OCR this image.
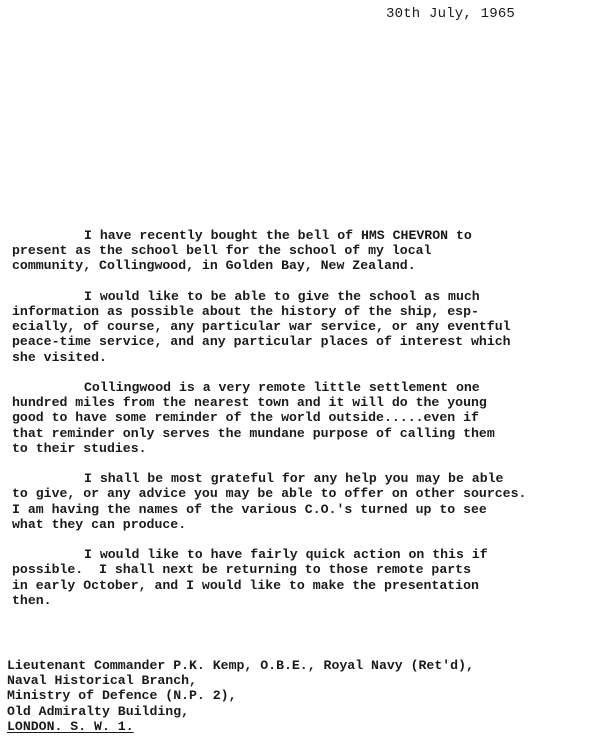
30th July, 1965
I have recently bought the bell of HMS CHEVRON to
present as the school bell for the school of my local
community, Collingwood, in Golden Bay, New Zealand.
I would like to be able to give the school as much
information as possible about the history of the ship, esp-
ecially, of course, any particular war service, or any eventful
peace-time service, and any particular places of interest which
she visited.
Collingwood is a very remote little settlement one
hundred miles from the nearest town and it will do the young
good to have some reminder of the world outside.....even if
that reminder only serves the mundane purpose of calling them
to their studies.
I shall be most grateful for any help you may be able
to give, or any advice you may be able to offer on other sources.
I am having the names of the various C.O.'s turned up to see
what they can produce.
I would like to have fairly quick action on this if
possible.  I shall next be returning to those remote parts
in early October, and I would like to make the presentation
then.
Lieutenant Commander P.K. Kemp, O.B.E., Royal Navy (Ret'd),
Naval Historical Branch,
Ministry of Defence (N.P. 2),
Old Admiralty Building,
LONDON. S. W. 1.
